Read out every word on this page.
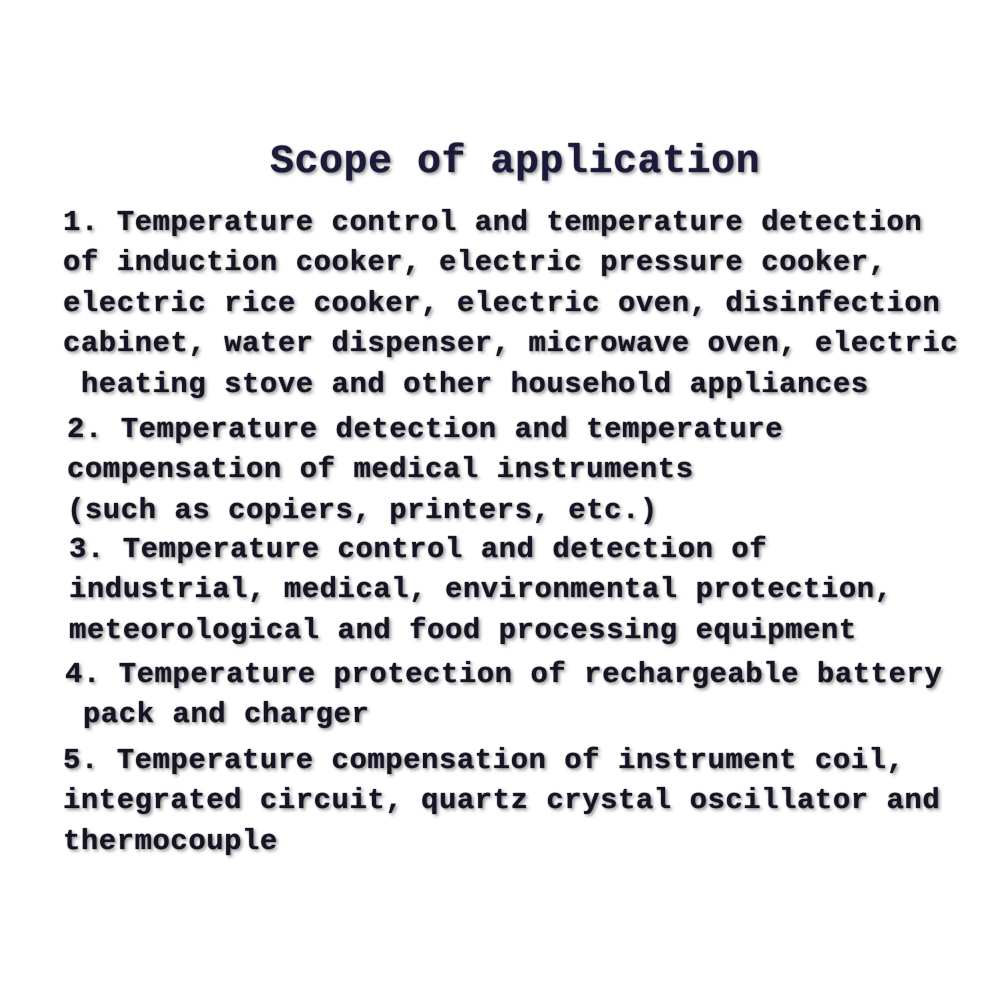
Scope of application
1. Temperature control and temperature detection
of induction cooker, electric pressure cooker,
electric rice cooker, electric oven, disinfection
cabinet, water dispenser, microwave oven, electric
heating stove and other household appliances
2. Temperature detection and temperature
compensation of medical instruments
(such as copiers, printers, etc.)
3. Temperature control and detection of
industrial, medical, environmental protection,
meteorological and food processing equipment
4. Temperature protection of rechargeable battery
pack and charger
5. Temperature compensation of instrument coil,
integrated circuit, quartz crystal oscillator and
thermocouple
